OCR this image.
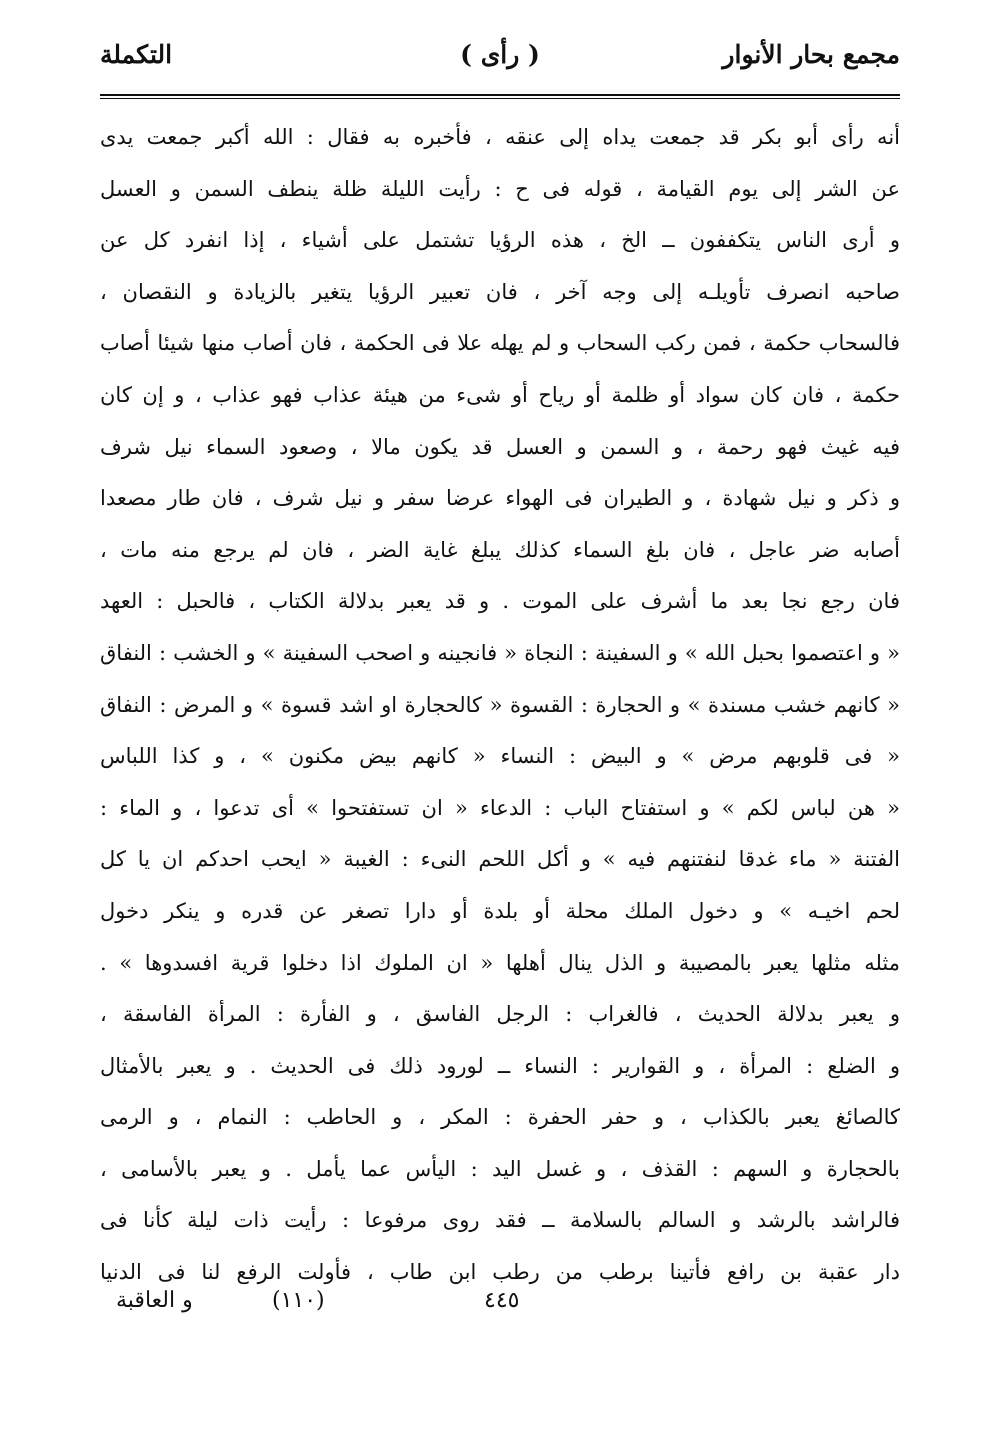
مجمع بحار الأنوار
( رأى )
التكملة
أنه رأى أبو بكر قد جمعت يداه إلى عنقه ، فأخبره به فقال : الله أكبر جمعت يدى
عن الشر إلى يوم القيامة ، قوله فى ح : رأيت الليلة ظلة ينطف السمن و العسل
و أرى الناس يتكففون ــ الخ ، هذه الرؤيا تشتمل على أشياء ، إذا انفرد كل عن
صاحبه انصرف تأويلـه إلى وجه آخر ، فان تعبير الرؤيا يتغير بالزيادة و النقصان ،
فالسحاب حكمة ، فمن ركب السحاب و لم يهله علا فى الحكمة ، فان أصاب منها شيئا أصاب
حكمة ، فان كان سواد أو ظلمة أو رياح أو شىء من هيئة عذاب فهو عذاب ، و إن كان
فيه غيث فهو رحمة ، و السمن و العسل قد يكون مالا ، وصعود السماء نيل شرف
و ذكر و نيل شهادة ، و الطيران فى الهواء عرضا سفر و نيل شرف ، فان طار مصعدا
أصابه ضر عاجل ، فان بلغ السماء كذلك يبلغ غاية الضر ، فان لم يرجع منه مات ،
فان رجع نجا بعد ما أشرف على الموت . و قد يعبر بدلالة الكتاب ، فالحبل : العهد
« و اعتصموا بحبل الله » و السفينة : النجاة « فانجينه و اصحب السفينة » و الخشب : النفاق
« كانهم خشب مسندة » و الحجارة : القسوة « كالحجارة او اشد قسوة » و المرض : النفاق
« فى قلوبهم مرض » و البيض : النساء « كانهم بيض مكنون » ، و كذا اللباس
« هن لباس لكم » و استفتاح الباب : الدعاء « ان تستفتحوا » أى تدعوا ، و الماء :
الفتنة « ماء غدقا لنفتنهم فيه » و أكل اللحم النىء : الغيبة « ايحب احدكم ان يا كل
لحم اخيـه » و دخول الملك محلة أو بلدة أو دارا تصغر عن قدره و ينكر دخول
مثله مثلها يعبر بالمصيبة و الذل ينال أهلها « ان الملوك اذا دخلوا قرية افسدوها » .
و يعبر بدلالة الحديث ، فالغراب : الرجل الفاسق ، و الفأرة : المرأة الفاسقة ،
و الضلع : المرأة ، و القوارير : النساء ــ لورود ذلك فى الحديث . و يعبر بالأمثال
كالصائغ يعبر بالكذاب ، و حفر الحفرة : المكر ، و الحاطب : النمام ، و الرمى
بالحجارة و السهم : القذف ، و غسل اليد : اليأس عما يأمل . و يعبر بالأسامى ،
فالراشد بالرشد و السالم بالسلامة ــ فقد روى مرفوعا : رأيت ذات ليلة كأنا فى
دار عقبة بن رافع فأتينا برطب من رطب ابن طاب ، فأولت الرفع لنا فى الدنيا
و العاقبة	(١١٠)	٤٤٥
